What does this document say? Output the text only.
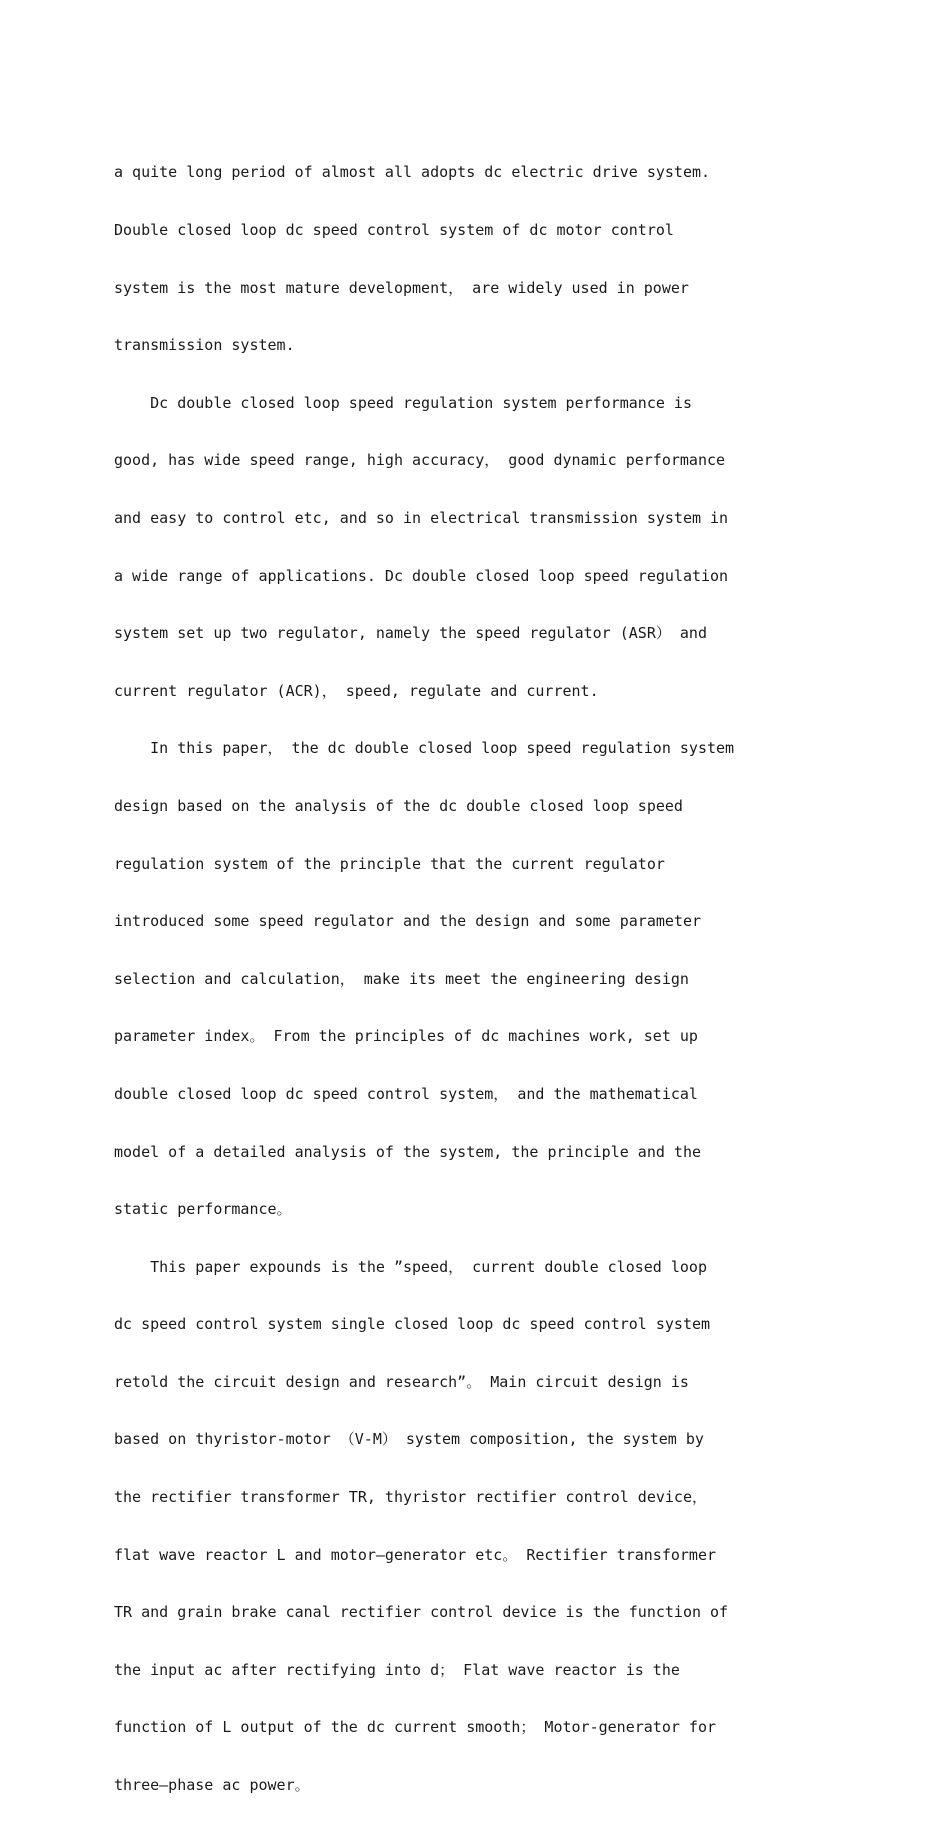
a quite long period of almost all adopts dc electric drive system.

Double closed loop dc speed control system of dc motor control

system is the most mature development， are widely used in power

transmission system.

Dc double closed loop speed regulation system performance is

good, has wide speed range, high accuracy， good dynamic performance

and easy to control etc, and so in electrical transmission system in

a wide range of applications. Dc double closed loop speed regulation

system set up two regulator, namely the speed regulator (ASR） and

current regulator (ACR)， speed, regulate and current.

In this paper， the dc double closed loop speed regulation system

design based on the analysis of the dc double closed loop speed

regulation system of the principle that the current regulator

introduced some speed regulator and the design and some parameter

selection and calculation， make its meet the engineering design

parameter index。 From the principles of dc machines work, set up

double closed loop dc speed control system， and the mathematical

model of a detailed analysis of the system, the principle and the

static performance。

This paper expounds is the ”speed， current double closed loop

dc speed control system single closed loop dc speed control system

retold the circuit design and research”。 Main circuit design is

based on thyristor-motor （V-M） system composition, the system by

the rectifier transformer TR, thyristor rectifier control device，

flat wave reactor L and motor—generator etc。 Rectifier transformer

TR and grain brake canal rectifier control device is the function of

the input ac after rectifying into d； Flat wave reactor is the

function of L output of the dc current smooth； Motor-generator for

three—phase ac power。
